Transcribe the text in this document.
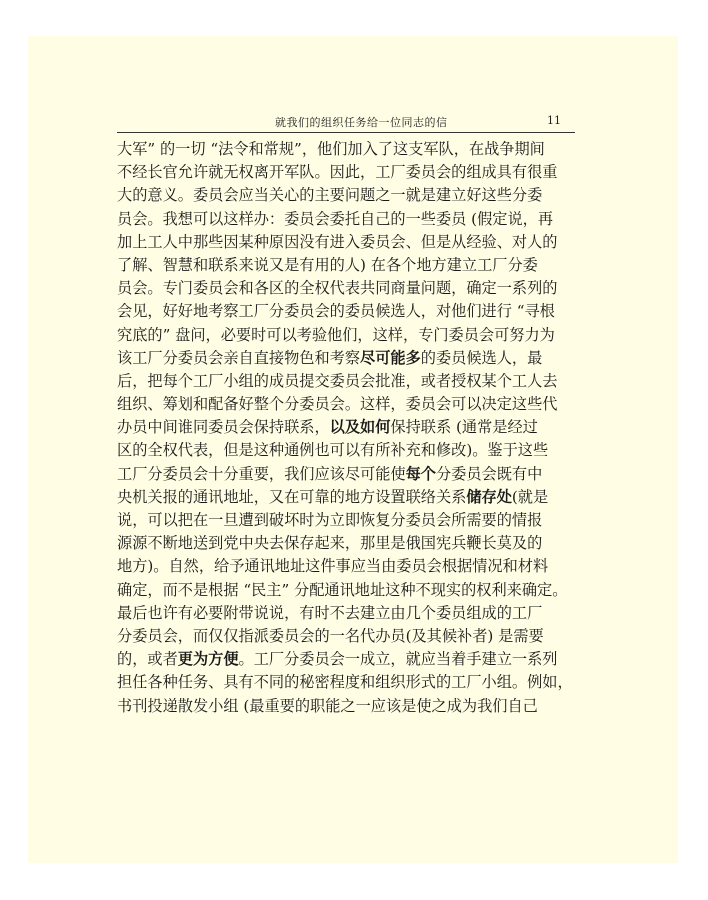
就我们的组织任务给一位同志的信	11
大军” 的一切 “法令和常规”，他们加入了这支军队，在战争期间
不经长官允许就无权离开军队。因此，工厂委员会的组成具有很重
大的意义。委员会应当关心的主要问题之一就是建立好这些分委
员会。我想可以这样办：委员会委托自己的一些委员 (假定说，再
加上工人中那些因某种原因没有进入委员会、但是从经验、对人的
了解、智慧和联系来说又是有用的人) 在各个地方建立工厂分委
员会。专门委员会和各区的全权代表共同商量问题，确定一系列的
会见，好好地考察工厂分委员会的委员候选人，对他们进行 “寻根
究底的” 盘问，必要时可以考验他们，这样，专门委员会可努力为
该工厂分委员会亲自直接物色和考察尽可能多的委员候选人，最
后，把每个工厂小组的成员提交委员会批准，或者授权某个工人去
组织、筹划和配备好整个分委员会。这样，委员会可以决定这些代
办员中间谁同委员会保持联系，以及如何保持联系 (通常是经过
区的全权代表，但是这种通例也可以有所补充和修改)。鉴于这些
工厂分委员会十分重要，我们应该尽可能使每个分委员会既有中
央机关报的通讯地址，又在可靠的地方设置联络关系储存处(就是
说，可以把在一旦遭到破坏时为立即恢复分委员会所需要的情报
源源不断地送到党中央去保存起来，那里是俄国宪兵鞭长莫及的
地方)。自然，给予通讯地址这件事应当由委员会根据情况和材料
确定，而不是根据 “民主” 分配通讯地址这种不现实的权利来确定。
最后也许有必要附带说说，有时不去建立由几个委员组成的工厂
分委员会，而仅仅指派委员会的一名代办员(及其候补者) 是需要
的，或者更为方便。工厂分委员会一成立，就应当着手建立一系列
担任各种任务、具有不同的秘密程度和组织形式的工厂小组。例如，
书刊投递散发小组 (最重要的职能之一应该是使之成为我们自己
